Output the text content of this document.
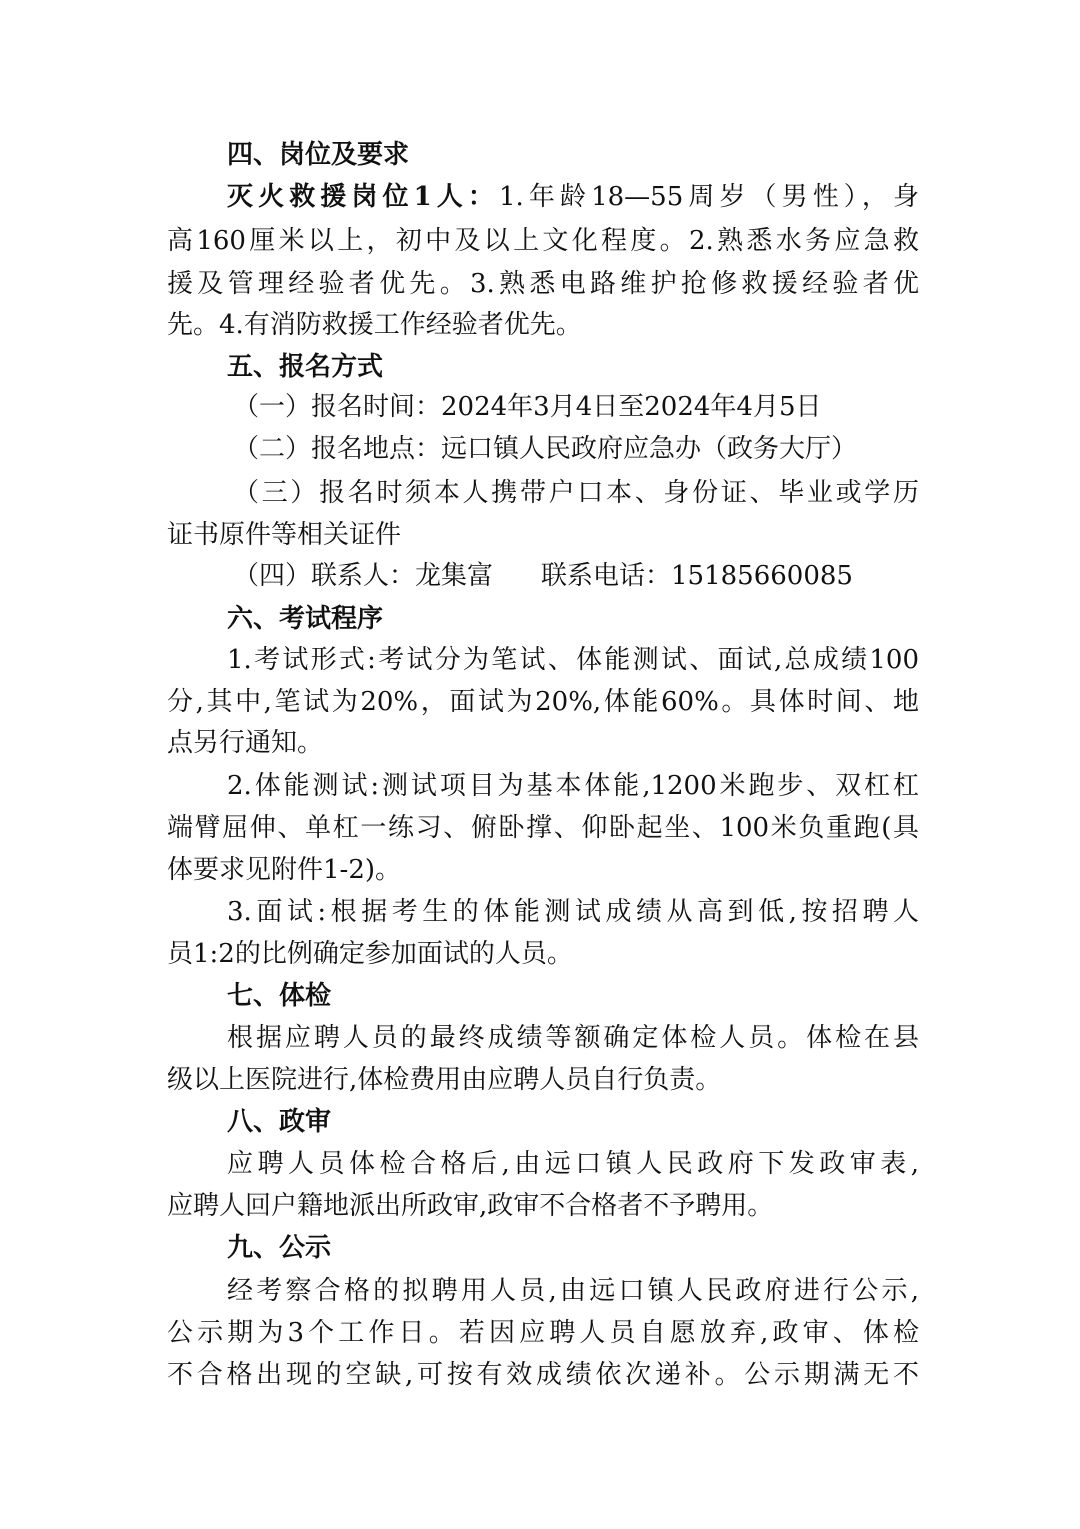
四、岗位及要求
灭火救援岗位1人：1.年龄18—55周岁（男性），身
高160厘米以上，初中及以上文化程度。2.熟悉水务应急救
援及管理经验者优先。3.熟悉电路维护抢修救援经验者优
先。4.有消防救援工作经验者优先。
五、报名方式
（一）报名时间：2024年3月4日至2024年4月5日
（二）报名地点：远口镇人民政府应急办（政务大厅）
（三）报名时须本人携带户口本、身份证、毕业或学历
证书原件等相关证件
（四）联系人：龙集富 联系电话：15185660085
六、考试程序
1.考试形式:考试分为笔试、体能测试、面试,总成绩100
分,其中,笔试为20%，面试为20%,体能60%。具体时间、地
点另行通知。
2.体能测试:测试项目为基本体能,1200米跑步、双杠杠
端臂屈伸、单杠一练习、俯卧撑、仰卧起坐、100米负重跑(具
体要求见附件1-2)。
3.面试:根据考生的体能测试成绩从高到低,按招聘人
员1:2的比例确定参加面试的人员。
七、体检
根据应聘人员的最终成绩等额确定体检人员。体检在县
级以上医院进行,体检费用由应聘人员自行负责。
八、政审
应聘人员体检合格后,由远口镇人民政府下发政审表,
应聘人回户籍地派出所政审,政审不合格者不予聘用。
九、公示
经考察合格的拟聘用人员,由远口镇人民政府进行公示,
公示期为3个工作日。若因应聘人员自愿放弃,政审、体检
不合格出现的空缺,可按有效成绩依次递补。公示期满无不
